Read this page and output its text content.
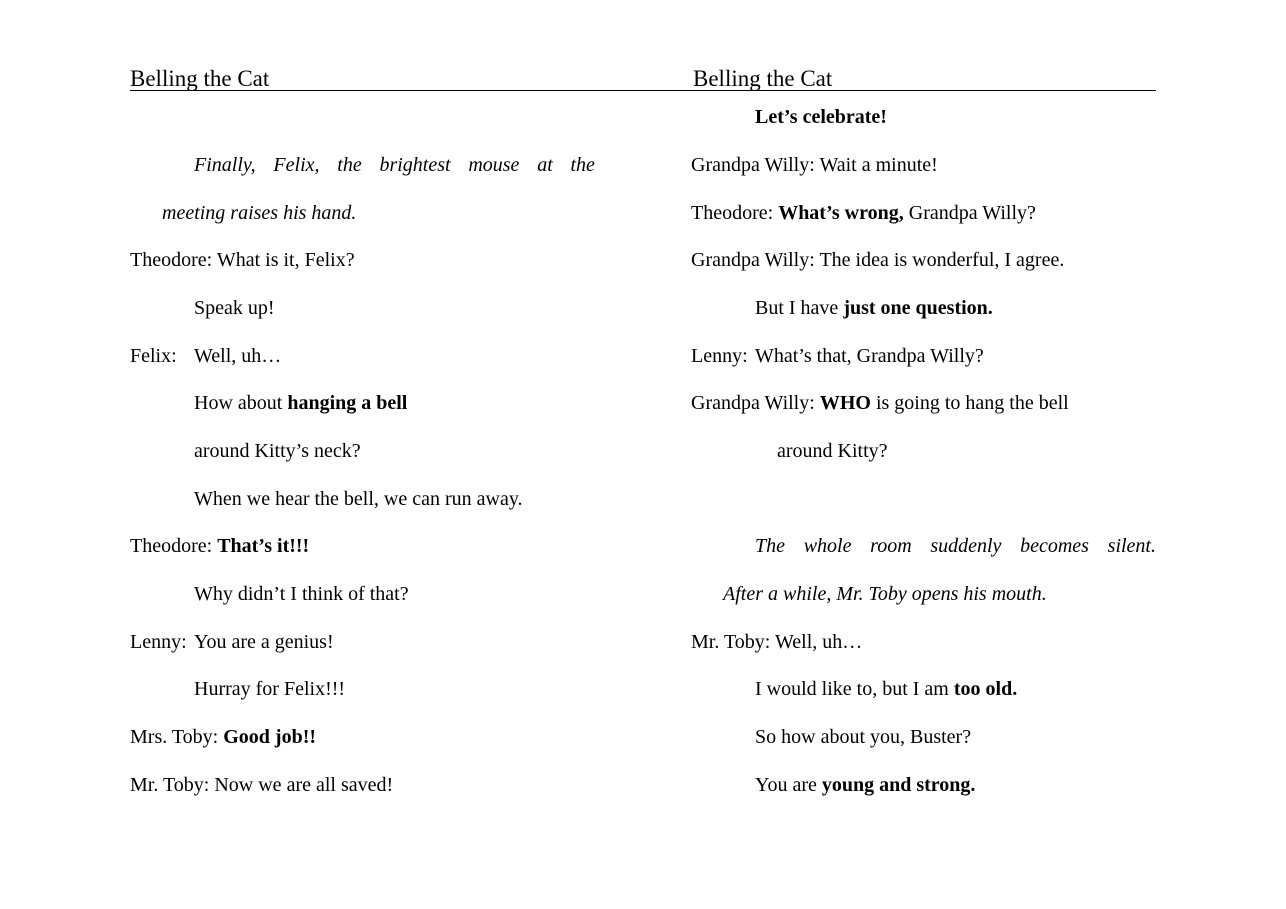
Belling the Cat	Belling the Cat
Finally, Felix, the brightest mouse at the
meeting raises his hand.
Theodore: What is it, Felix?
Speak up!
Felix: Well, uh…
How about hanging a bell
around Kitty’s neck?
When we hear the bell, we can run away.
Theodore: That’s it!!!
Why didn’t I think of that?
Lenny: You are a genius!
Hurray for Felix!!!
Mrs. Toby: Good job!!
Mr. Toby: Now we are all saved!
Let’s celebrate!
Grandpa Willy: Wait a minute!
Theodore: What’s wrong, Grandpa Willy?
Grandpa Willy: The idea is wonderful, I agree.
But I have just one question.
Lenny: What’s that, Grandpa Willy?
Grandpa Willy: WHO is going to hang the bell
around Kitty?
The whole room suddenly becomes silent.
After a while, Mr. Toby opens his mouth.
Mr. Toby: Well, uh…
I would like to, but I am too old.
So how about you, Buster?
You are young and strong.
